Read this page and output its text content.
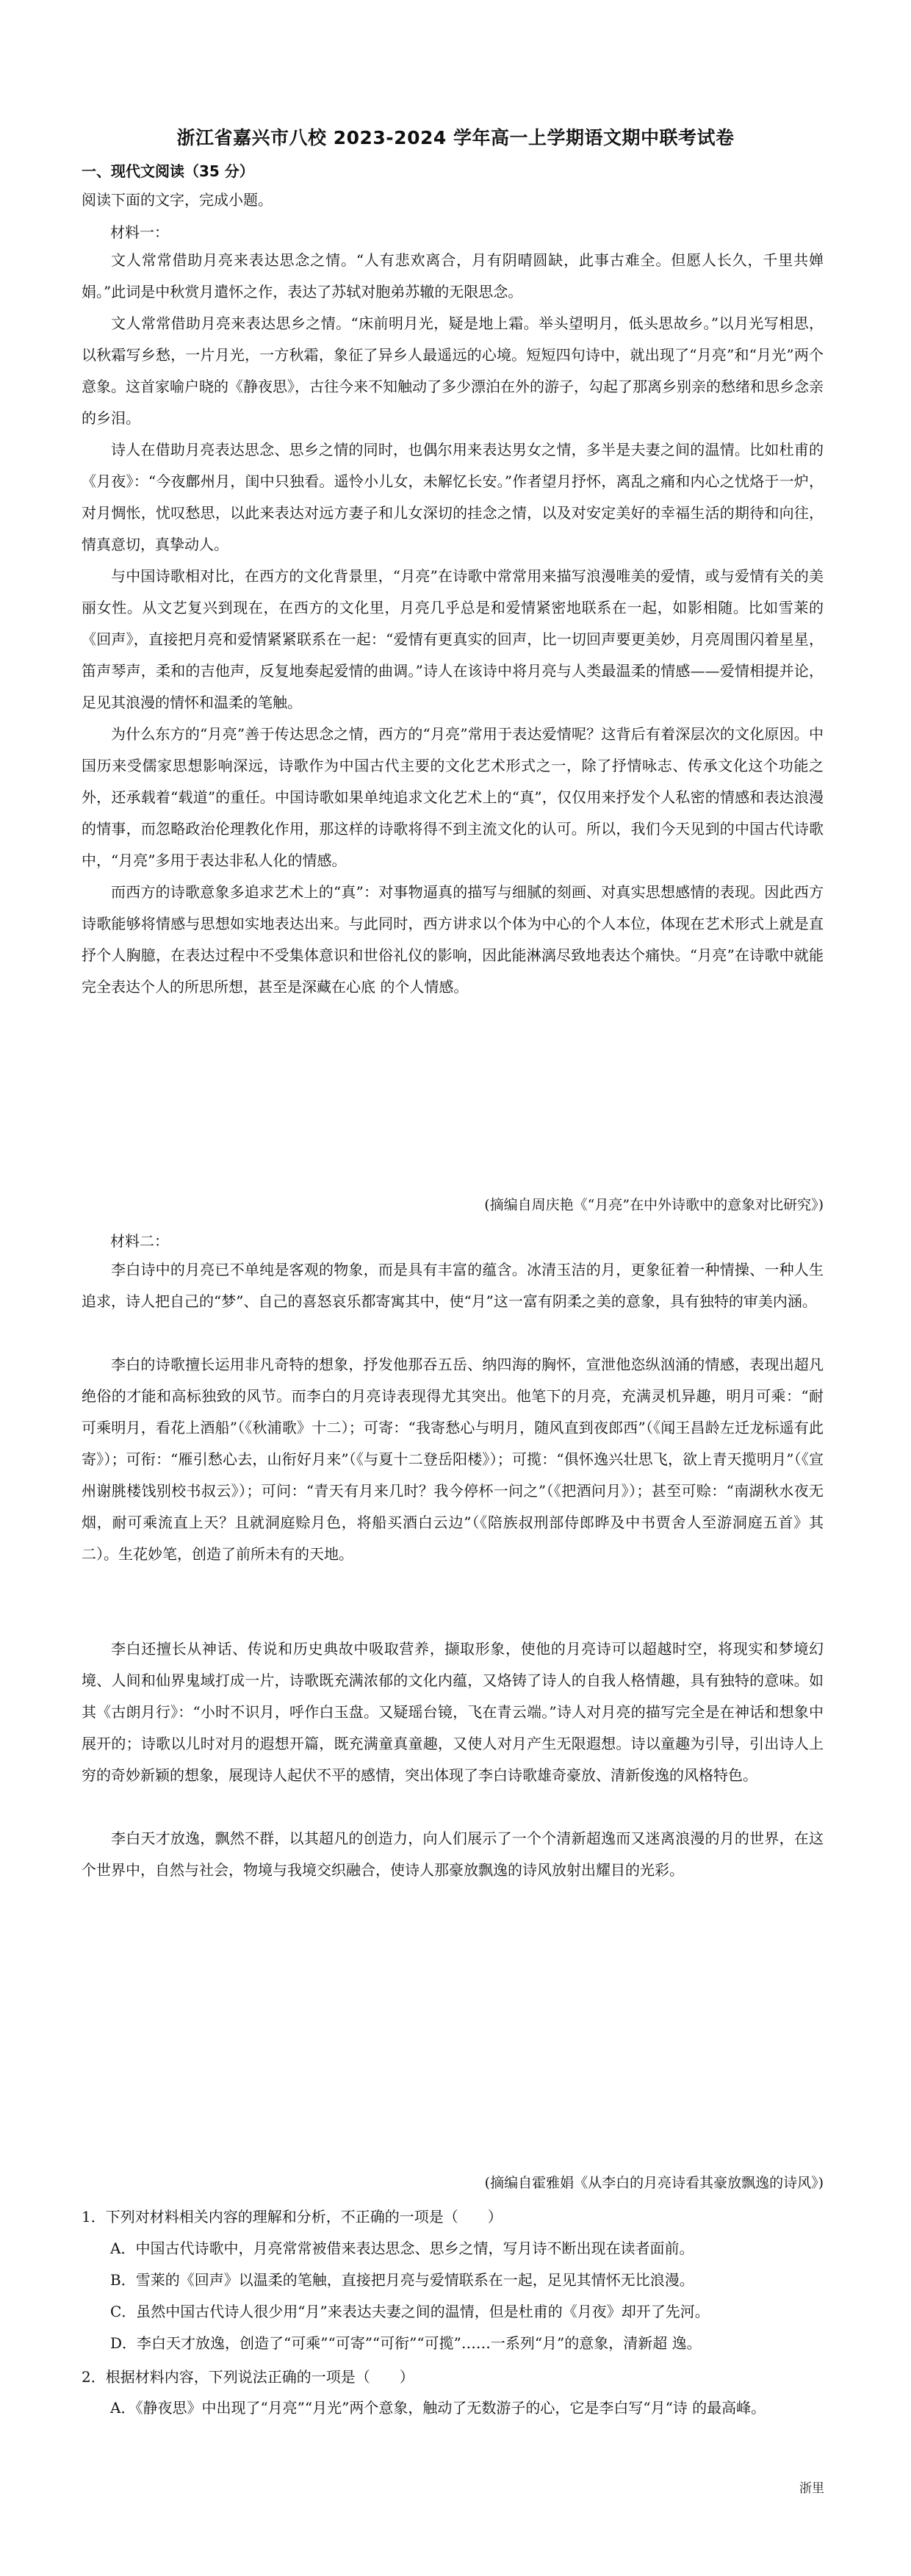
浙江省嘉兴市八校 2023-2024 学年高一上学期语文期中联考试卷
一、现代文阅读（35 分）
阅读下面的文字，完成小题。
材料一：

文人常常借助月亮来表达思念之情。“人有悲欢离合，月有阴晴圆缺，此事古难全。但愿人长久，千里共婵娟。”此词是中秋赏月遣怀之作，表达了苏轼对胞弟苏辙的无限思念。

文人常常借助月亮来表达思乡之情。“床前明月光，疑是地上霜。举头望明月，低头思故乡。”以月光写相思，以秋霜写乡愁，一片月光，一方秋霜，象征了异乡人最遥远的心境。短短四句诗中，就出现了“月亮”和“月光”两个意象。这首家喻户晓的《静夜思》，古往今来不知触动了多少漂泊在外的游子，勾起了那离乡别亲的愁绪和思乡念亲的乡泪。

诗人在借助月亮表达思念、思乡之情的同时，也偶尔用来表达男女之情，多半是夫妻之间的温情。比如杜甫的《月夜》：“今夜鄜州月，闺中只独看。遥怜小儿女，未解忆长安。”作者望月抒怀，离乱之痛和内心之忧烙于一炉，对月惆怅，忧叹愁思，以此来表达对远方妻子和儿女深切的挂念之情，以及对安定美好的幸福生活的期待和向往，情真意切，真挚动人。

与中国诗歌相对比，在西方的文化背景里，“月亮”在诗歌中常常用来描写浪漫唯美的爱情，或与爱情有关的美丽女性。从文艺复兴到现在，在西方的文化里，月亮几乎总是和爱情紧密地联系在一起，如影相随。比如雪莱的《回声》，直接把月亮和爱情紧紧联系在一起：“爱情有更真实的回声，比一切回声要更美妙，月亮周围闪着星星，笛声琴声，柔和的吉他声，反复地奏起爱情的曲调。”诗人在该诗中将月亮与人类最温柔的情感——爱情相提并论，足见其浪漫的情怀和温柔的笔触。

为什么东方的“月亮”善于传达思念之情，西方的“月亮”常用于表达爱情呢？这背后有着深层次的文化原因。中国历来受儒家思想影响深远，诗歌作为中国古代主要的文化艺术形式之一，除了抒情咏志、传承文化这个功能之外，还承载着“载道”的重任。中国诗歌如果单纯追求文化艺术上的“真”，仅仅用来抒发个人私密的情感和表达浪漫的情事，而忽略政治伦理教化作用，那这样的诗歌将得不到主流文化的认可。所以，我们今天见到的中国古代诗歌中，“月亮”多用于表达非私人化的情感。

而西方的诗歌意象多追求艺术上的“真”：对事物逼真的描写与细腻的刻画、对真实思想感情的表现。因此西方诗歌能够将情感与思想如实地表达出来。与此同时，西方讲求以个体为中心的个人本位，体现在艺术形式上就是直抒个人胸臆，在表达过程中不受集体意识和世俗礼仪的影响，因此能淋漓尽致地表达个痛快。“月亮”在诗歌中就能完全表达个人的所思所想，甚至是深藏在心底 的个人情感。

(摘编自周庆艳《“月亮”在中外诗歌中的意象对比研究》)
材料二：

李白诗中的月亮已不单纯是客观的物象，而是具有丰富的蕴含。冰清玉洁的月，更象征着一种情操、一种人生追求，诗人把自己的“梦”、自己的喜怒哀乐都寄寓其中，使“月”这一富有阴柔之美的意象，具有独特的审美内涵。

李白的诗歌擅长运用非凡奇特的想象，抒发他那吞五岳、纳四海的胸怀，宣泄他恣纵汹涌的情感，表现出超凡绝俗的才能和高标独致的风节。而李白的月亮诗表现得尤其突出。他笔下的月亮，充满灵机异趣，明月可乘：“耐可乘明月，看花上酒船”（《秋浦歌》十二）；可寄：“我寄愁心与明月，随风直到夜郎西”（《闻王昌龄左迁龙标遥有此寄》）；可衔：“雁引愁心去，山衔好月来”（《与夏十二登岳阳楼》）；可揽：“俱怀逸兴壮思飞，欲上青天揽明月”（《宣州谢朓楼饯别校书叔云》）；可问：“青天有月来几时？我今停杯一问之”（《把酒问月》）；甚至可赊：“南湖秋水夜无烟，耐可乘流直上天？且就洞庭赊月色，将船买酒白云边”（《陪族叔刑部侍郎晔及中书贾舍人至游洞庭五首》其二）。生花妙笔，创造了前所未有的天地。

李白还擅长从神话、传说和历史典故中吸取营养，撷取形象，使他的月亮诗可以超越时空，将现实和梦境幻境、人间和仙界鬼域打成一片，诗歌既充满浓郁的文化内蕴，又烙铸了诗人的自我人格情趣，具有独特的意味。如其《古朗月行》：“小时不识月，呼作白玉盘。又疑瑶台镜，飞在青云端。”诗人对月亮的描写完全是在神话和想象中展开的；诗歌以儿时对月的遐想开篇，既充满童真童趣，又使人对月产生无限遐想。诗以童趣为引导，引出诗人上穷的奇妙新颖的想象，展现诗人起伏不平的感情，突出体现了李白诗歌雄奇豪放、清新俊逸的风格特色。

李白天才放逸，飘然不群，以其超凡的创造力，向人们展示了一个个清新超逸而又迷离浪漫的月的世界，在这个世界中，自然与社会，物境与我境交织融合，使诗人那豪放飘逸的诗风放射出耀目的光彩。

(摘编自霍雅娟《从李白的月亮诗看其豪放飘逸的诗风》)
1．下列对材料相关内容的理解和分析，不正确的一项是（　　）

A．中国古代诗歌中，月亮常常被借来表达思念、思乡之情，写月诗不断出现在读者面前。

B．雪莱的《回声》以温柔的笔触，直接把月亮与爱情联系在一起，足见其情怀无比浪漫。

C．虽然中国古代诗人很少用“月”来表达夫妻之间的温情，但是杜甫的《月夜》却开了先河。

D．李白天才放逸，创造了“可乘”“可寄”“可衔”“可揽”……一系列“月”的意象，清新超 逸。

2．根据材料内容，下列说法正确的一项是（　　）

A．《静夜思》中出现了“月亮”“月光”两个意象，触动了无数游子的心，它是李白写“月“诗 的最高峰。

浙里
